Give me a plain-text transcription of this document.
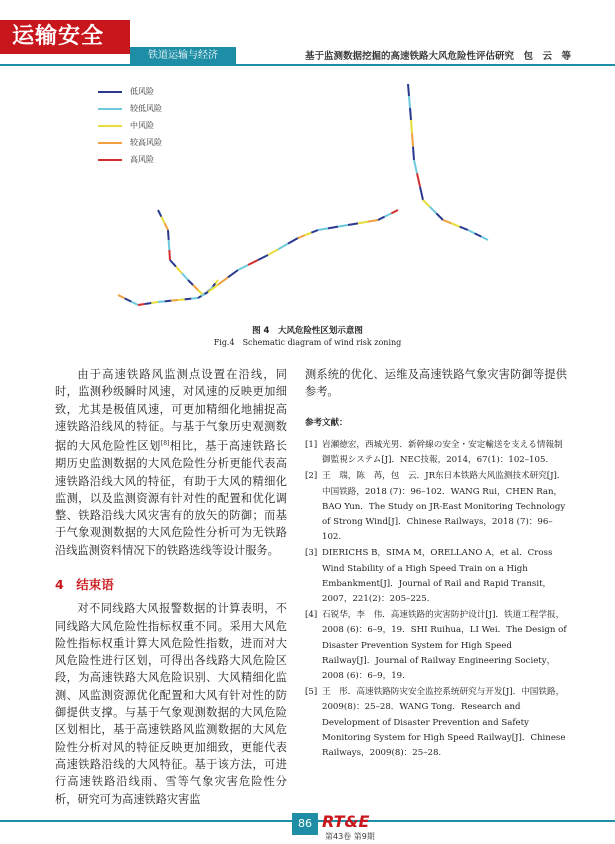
运输安全
铁道运输与经济	基于监测数据挖掘的高速铁路大风危险性评估研究　包　云　等
低风险
较低风险
中风险
较高风险
高风险
图 4　大风危险性区划示意图
Fig.4　Schematic diagram of wind risk zoning

由于高速铁路风监测点设置在沿线，同时，监测秒级瞬时风速，对风速的反映更加细致，尤其是极值风速，可更加精细化地捕捉高速铁路沿线风的特征。与基于气象历史观测数据的大风危险性区划[8]相比，基于高速铁路长期历史监测数据的大风危险性分析更能代表高速铁路沿线大风的特征，有助于大风的精细化监测，以及监测资源有针对性的配置和优化调整、铁路沿线大风灾害有的放矢的防御；而基于气象观测数据的大风危险性分析可为无铁路沿线监测资料情况下的铁路选线等设计服务。

4　结束语

对不同线路大风报警数据的计算表明，不同线路大风危险性指标权重不同。采用大风危险性指标权重计算大风危险性指数，进而对大风危险性进行区划，可得出各线路大风危险区段，为高速铁路大风危险识别、大风精细化监测、风监测资源优化配置和大风有针对性的防御提供支撑。与基于气象观测数据的大风危险区划相比，基于高速铁路风监测数据的大风危险性分析对风的特征反映更加细致，更能代表高速铁路沿线的大风特征。基于该方法，可进行高速铁路沿线雨、雪等气象灾害危险性分析，研究可为高速铁路灾害监

测系统的优化、运维及高速铁路气象灾害防御等提供参考。

参考文献：

[1] 岩瀬徳宏，西城光男．新幹線の安全・安定輸送を支える情報制御監視システム[J]．NEC技報，2014，67(1)：102–105.
[2] 王　瑞，陈　苒，包　云．JR东日本铁路大风监测技术研究[J]．中国铁路，2018 (7)：96–102．WANG Rui，CHEN Ran，BAO Yun．The Study on JR-East Monitoring Technology of Strong Wind[J]．Chinese Railways，2018 (7)：96–102.
[3] DIERICHS B，SIMA M，ORELLANO A，et al．Cross Wind Stability of a High Speed Train on a High Embankment[J]．Journal of Rail and Rapid Transit，2007，221(2)：205–225.
[4] 石锐华，李　伟．高速铁路的灾害防护设计[J]．铁道工程学报，2008 (6)：6–9，19．SHI Ruihua，LI Wei．The Design of Disaster Prevention System for High Speed Railway[J]．Journal of Railway Engineering Society，2008 (6)：6–9，19.
[5] 王　彤．高速铁路防灾安全监控系统研究与开发[J]．中国铁路，2009(8)：25–28．WANG Tong．Research and Development of Disaster Prevention and Safety Monitoring System for High Speed Railway[J]．Chinese Railways，2009(8)：25–28.
86 RT&E
第43卷 第9期
